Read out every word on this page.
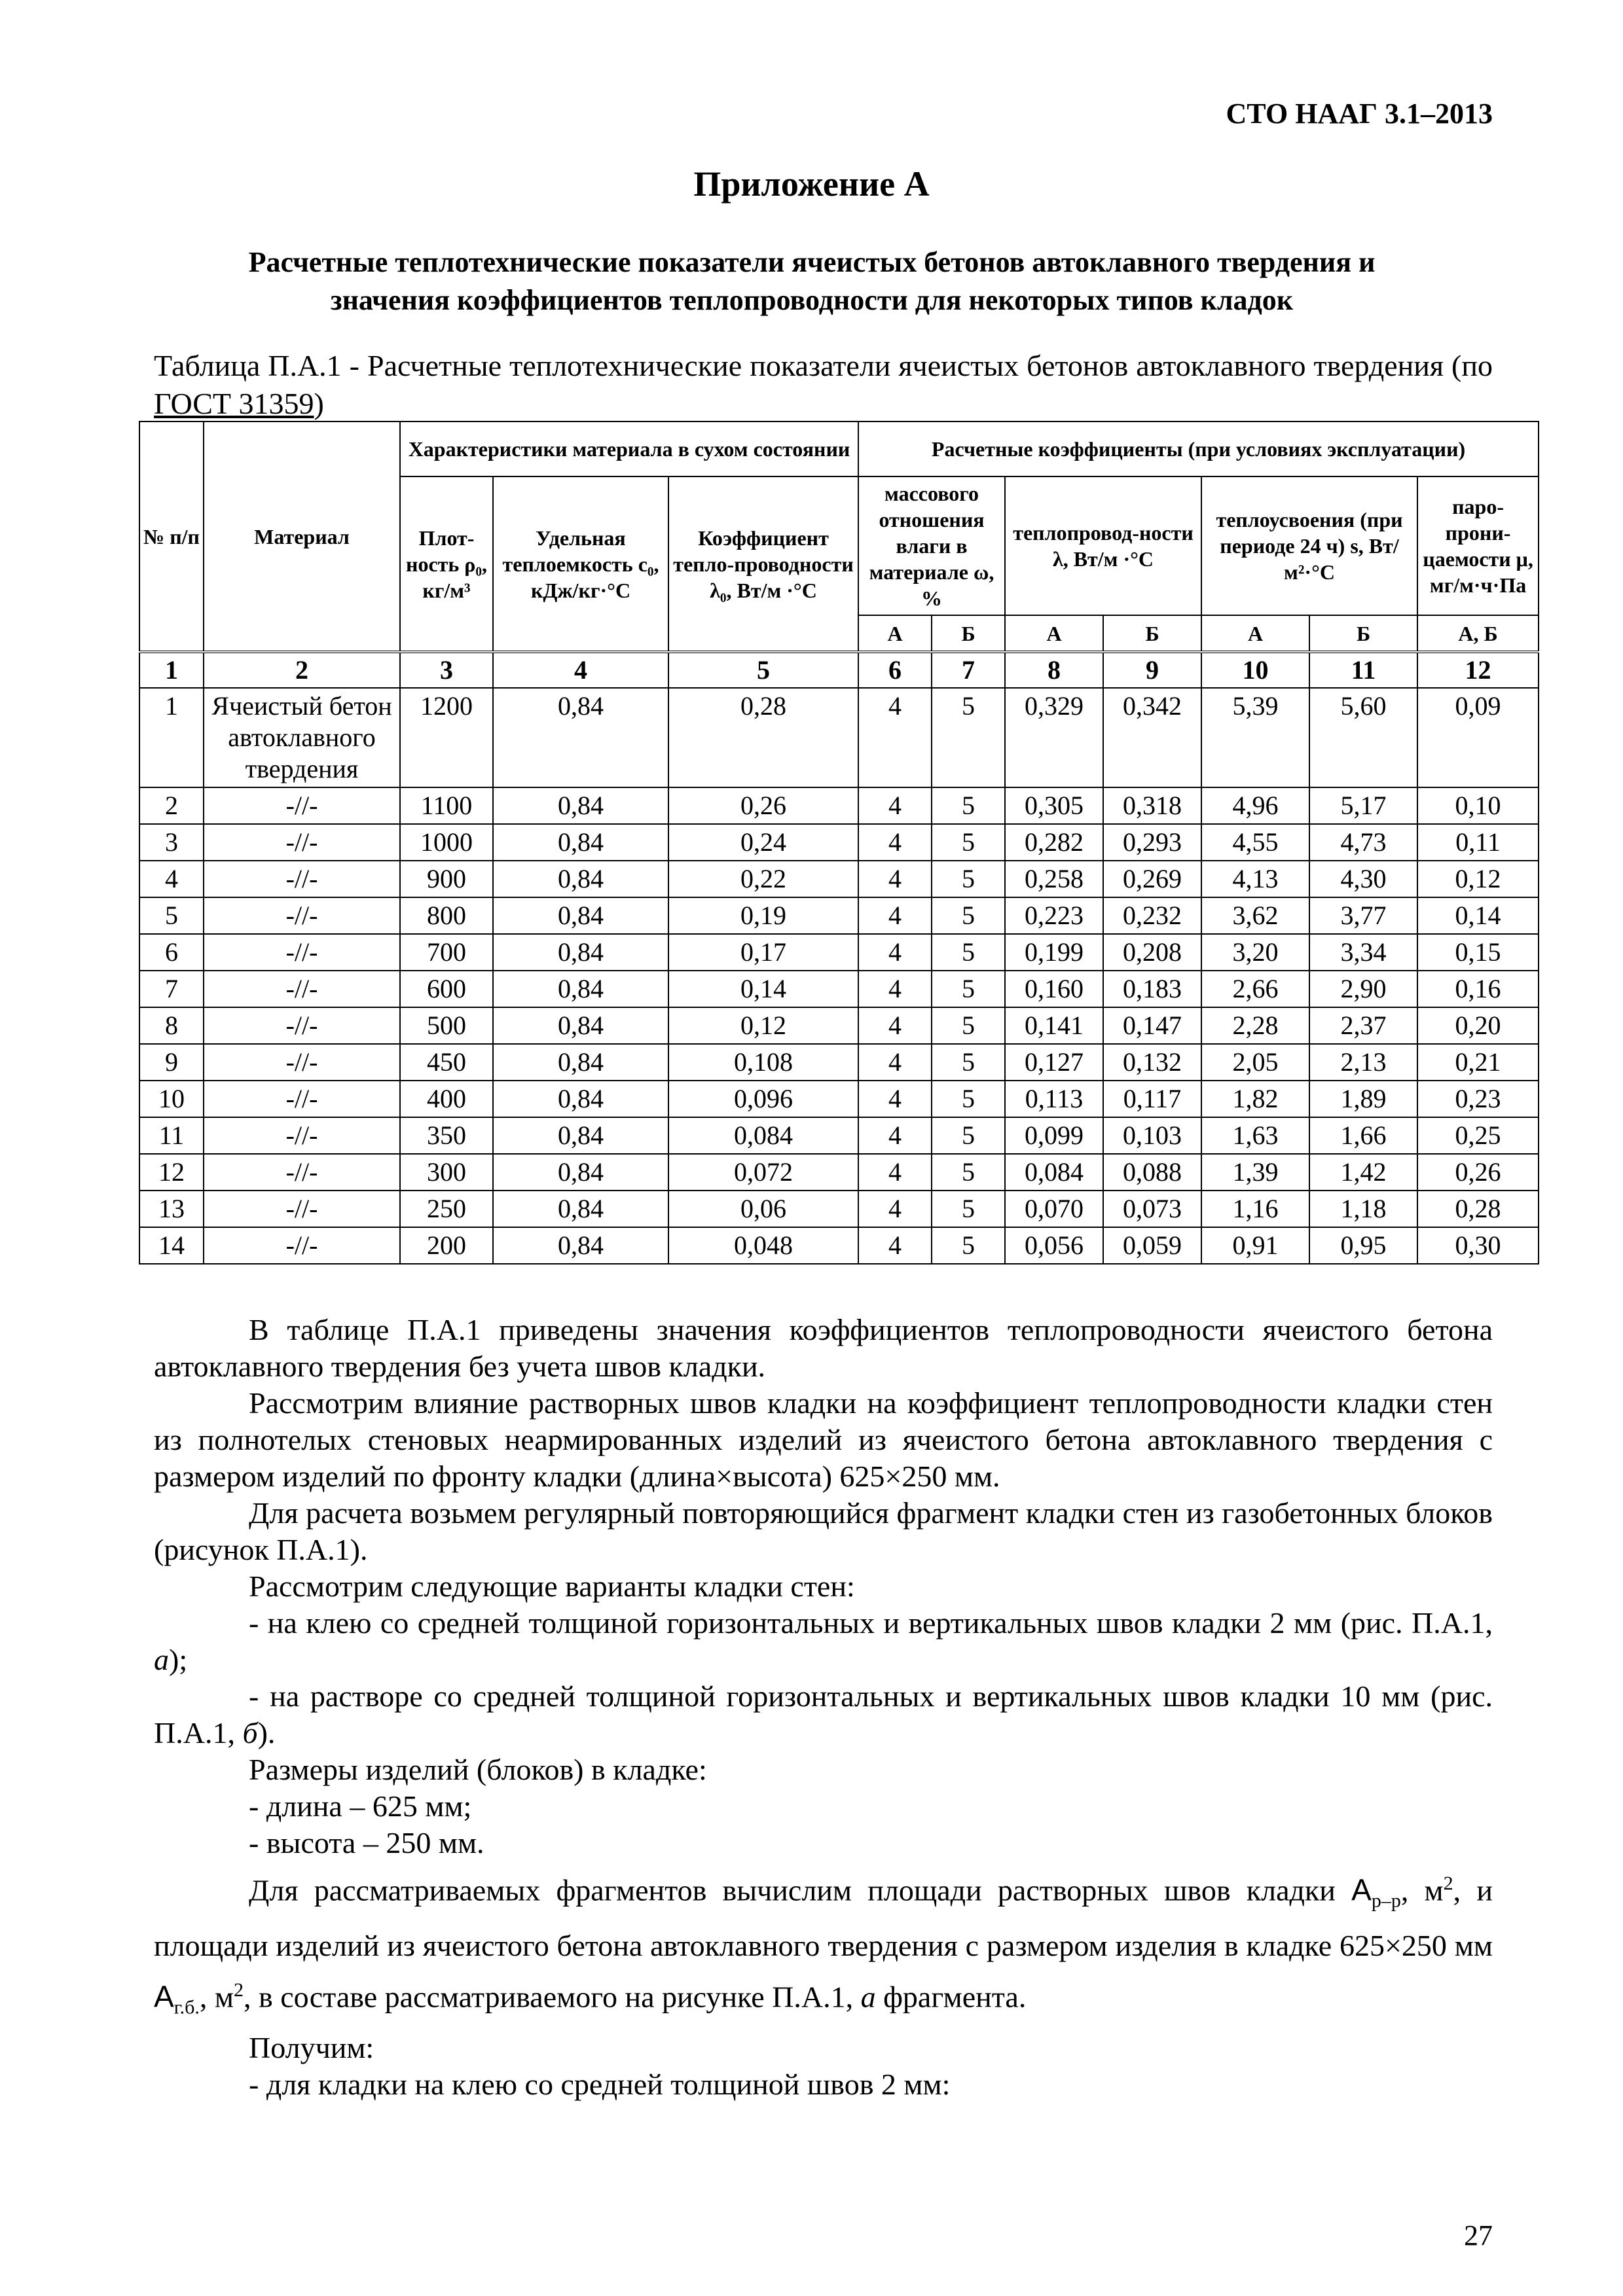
СТО НААГ 3.1–2013
Приложение А
Расчетные теплотехнические показатели ячеистых бетонов автоклавного твердения и
значения коэффициентов теплопроводности для некоторых типов кладок
Таблица П.А.1 - Расчетные теплотехнические показатели ячеистых бетонов автоклавного твердения (по ГОСТ 31359)
№ п/п	Материал	Характеристики материала в сухом состоянии			Расчетные коэффициенты (при условиях эксплуатации)						
		Плот-ность ρ₀, кг/м³	Удельная теплоемкость с₀, кДж/кг·°С	Коэффициент тепло-проводности λ₀, Вт/м ·°С	массового отношения влаги в материале ω, %		теплопровод-ности λ, Вт/м ·°С		теплоусвоения (при периоде 24 ч) s, Вт/м²·°С		паро-прони-цаемости μ, мг/м·ч·Па
					А	Б	А	Б	А	Б	А, Б
1	2	3	4	5	6	7	8	9	10	11	12
1	Ячеистый бетон автоклавного твердения	1200	0,84	0,28	4	5	0,329	0,342	5,39	5,60	0,09
2	-//-	1100	0,84	0,26	4	5	0,305	0,318	4,96	5,17	0,10
3	-//-	1000	0,84	0,24	4	5	0,282	0,293	4,55	4,73	0,11
4	-//-	900	0,84	0,22	4	5	0,258	0,269	4,13	4,30	0,12
5	-//-	800	0,84	0,19	4	5	0,223	0,232	3,62	3,77	0,14
6	-//-	700	0,84	0,17	4	5	0,199	0,208	3,20	3,34	0,15
7	-//-	600	0,84	0,14	4	5	0,160	0,183	2,66	2,90	0,16
8	-//-	500	0,84	0,12	4	5	0,141	0,147	2,28	2,37	0,20
9	-//-	450	0,84	0,108	4	5	0,127	0,132	2,05	2,13	0,21
10	-//-	400	0,84	0,096	4	5	0,113	0,117	1,82	1,89	0,23
11	-//-	350	0,84	0,084	4	5	0,099	0,103	1,63	1,66	0,25
12	-//-	300	0,84	0,072	4	5	0,084	0,088	1,39	1,42	0,26
13	-//-	250	0,84	0,06	4	5	0,070	0,073	1,16	1,18	0,28
14	-//-	200	0,84	0,048	4	5	0,056	0,059	0,91	0,95	0,30

В таблице П.А.1 приведены значения коэффициентов теплопроводности ячеистого бетона автоклавного твердения без учета швов кладки.

Рассмотрим влияние растворных швов кладки на коэффициент теплопроводности кладки стен из полнотелых стеновых неармированных изделий из ячеистого бетона автоклавного твердения с размером изделий по фронту кладки (длина×высота) 625×250 мм.

Для расчета возьмем регулярный повторяющийся фрагмент кладки стен из газобетонных блоков (рисунок П.А.1).

Рассмотрим следующие варианты кладки стен:

- на клею со средней толщиной горизонтальных и вертикальных швов кладки 2 мм (рис. П.А.1, а);

- на растворе со средней толщиной горизонтальных и вертикальных швов кладки 10 мм (рис. П.А.1, б).

Размеры изделий (блоков) в кладке:

- длина – 625 мм;

- высота – 250 мм.

Для рассматриваемых фрагментов вычислим площади растворных швов кладки $А_{р-р}$, $м^2$, и площади изделий из ячеистого бетона автоклавного твердения с размером изделия в кладке 625×250 мм $А_{г.б.}$, $м^2$, в составе рассматриваемого на рисунке П.А.1, а фрагмента.

Получим:

- для кладки на клею со средней толщиной швов 2 мм:

27
